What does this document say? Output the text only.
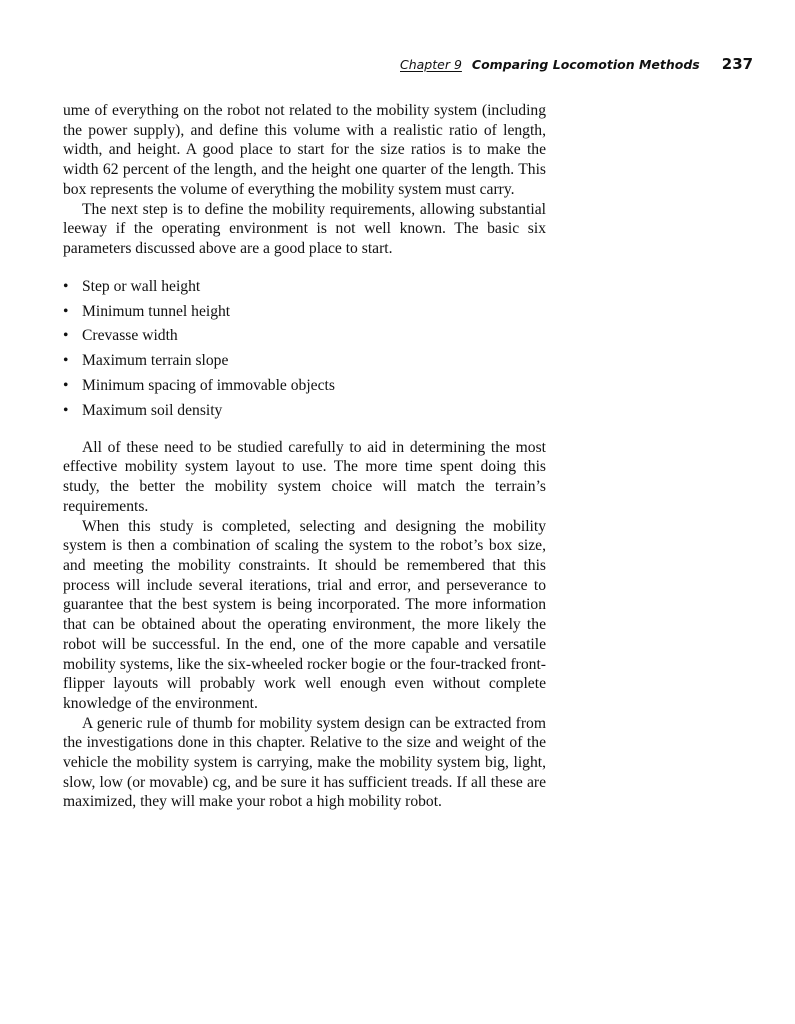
Chapter 9 Comparing Locomotion Methods 237

ume of everything on the robot not related to the mobility system (including the power supply), and define this volume with a realistic ratio of length, width, and height. A good place to start for the size ratios is to make the width 62 percent of the length, and the height one quarter of the length. This box represents the volume of everything the mobility system must carry.

The next step is to define the mobility requirements, allowing substantial leeway if the operating environment is not well known. The basic six parameters discussed above are a good place to start.

• Step or wall height
• Minimum tunnel height
• Crevasse width
• Maximum terrain slope
• Minimum spacing of immovable objects
• Maximum soil density

All of these need to be studied carefully to aid in determining the most effective mobility system layout to use. The more time spent doing this study, the better the mobility system choice will match the terrain’s requirements.

When this study is completed, selecting and designing the mobility system is then a combination of scaling the system to the robot’s box size, and meeting the mobility constraints. It should be remembered that this process will include several iterations, trial and error, and perseverance to guarantee that the best system is being incorporated. The more information that can be obtained about the operating environment, the more likely the robot will be successful. In the end, one of the more capable and versatile mobility systems, like the six-wheeled rocker bogie or the four-tracked front-flipper layouts will probably work well enough even without complete knowledge of the environment.

A generic rule of thumb for mobility system design can be extracted from the investigations done in this chapter. Relative to the size and weight of the vehicle the mobility system is carrying, make the mobility system big, light, slow, low (or movable) cg, and be sure it has sufficient treads. If all these are maximized, they will make your robot a high mobility robot.
